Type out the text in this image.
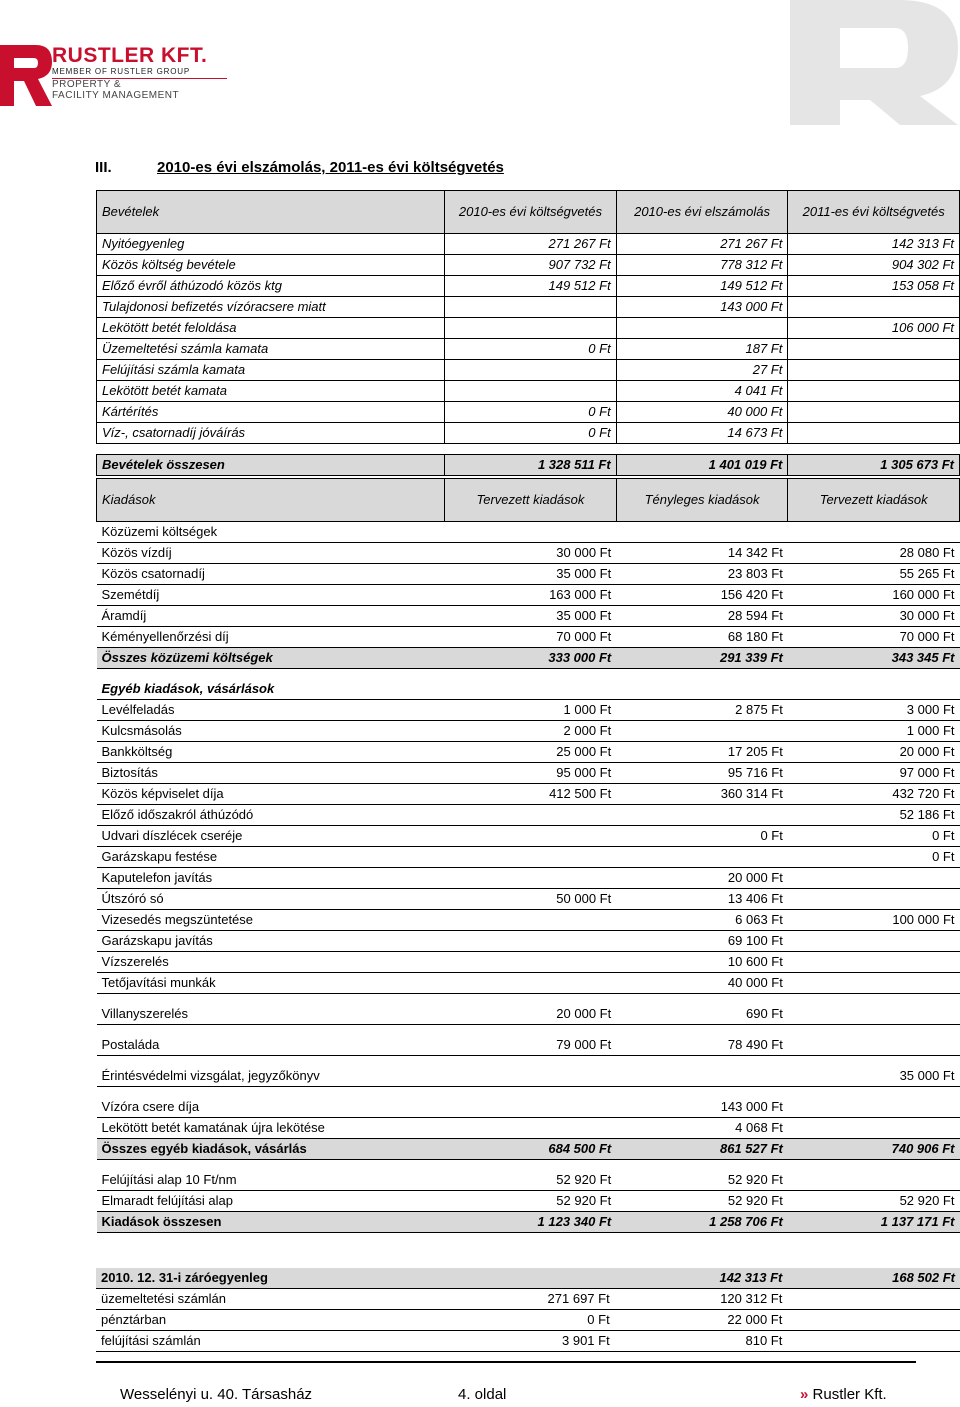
RUSTLER KFT.
MEMBER OF RUSTLER GROUP
PROPERTY &
FACILITY MANAGEMENT
III.	2010-es évi elszámolás, 2011-es évi költségvetés
Bevételek	2010-es évi költségvetés	2010-es évi elszámolás	2011-es évi költségvetés
Nyitóegyenleg	271 267 Ft	271 267 Ft	142 313 Ft
Közös költség bevétele	907 732 Ft	778 312 Ft	904 302 Ft
Előző évről áthúzodó közös ktg	149 512 Ft	149 512 Ft	153 058 Ft
Tulajdonosi befizetés vízóracsere miatt		143 000 Ft	
Lekötött betét feloldása			106 000 Ft
Üzemeltetési számla kamata	0 Ft	187 Ft	
Felújítási számla kamata		27 Ft	
Lekötött betét kamata		4 041 Ft	
Kártérítés	0 Ft	40 000 Ft	
Víz-, csatornadíj jóváírás	0 Ft	14 673 Ft	

Bevételek összesen	1 328 511 Ft	1 401 019 Ft	1 305 673 Ft
Kiadások	Tervezett kiadások	Tényleges kiadások	Tervezett kiadások
Közüzemi költségek			
Közös vízdíj	30 000 Ft	14 342 Ft	28 080 Ft
Közös csatornadíj	35 000 Ft	23 803 Ft	55 265 Ft
Szemétdíj	163 000 Ft	156 420 Ft	160 000 Ft
Áramdíj	35 000 Ft	28 594 Ft	30 000 Ft
Kéményellenőrzési díj	70 000 Ft	68 180 Ft	70 000 Ft
Összes közüzemi költségek	333 000 Ft	291 339 Ft	343 345 Ft

Egyéb kiadások, vásárlások			
Levélfeladás	1 000 Ft	2 875 Ft	3 000 Ft
Kulcsmásolás	2 000 Ft		1 000 Ft
Bankköltség	25 000 Ft	17 205 Ft	20 000 Ft
Biztosítás	95 000 Ft	95 716 Ft	97 000 Ft
Közös képviselet díja	412 500 Ft	360 314 Ft	432 720 Ft
Előző időszakról áthúzódó			52 186 Ft
Udvari díszlécek cseréje		0 Ft	0 Ft
Garázskapu festése			0 Ft
Kaputelefon javítás		20 000 Ft	
Útszóró só	50 000 Ft	13 406 Ft	
Vizesedés megszüntetése		6 063 Ft	100 000 Ft
Garázskapu javítás		69 100 Ft	
Vízszerelés		10 600 Ft	
Tetőjavítási munkák		40 000 Ft	

Villanyszerelés	20 000 Ft	690 Ft	

Postaláda	79 000 Ft	78 490 Ft	

Érintésvédelmi vizsgálat, jegyzőkönyv			35 000 Ft

Vízóra csere díja		143 000 Ft	
Lekötött betét kamatának újra lekötése		4 068 Ft	
Összes egyéb kiadások, vásárlás	684 500 Ft	861 527 Ft	740 906 Ft

Felújítási alap 10 Ft/nm	52 920 Ft	52 920 Ft	
Elmaradt felújítási alap	52 920 Ft	52 920 Ft	52 920 Ft
Kiadások összesen	1 123 340 Ft	1 258 706 Ft	1 137 171 Ft
2010. 12. 31-i záróegyenleg		142 313 Ft	168 502 Ft
üzemeltetési számlán	271 697 Ft	120 312 Ft	
pénztárban	0 Ft	22 000 Ft	
felújítási számlán	3 901 Ft	810 Ft	
Wesselényi u. 40. Társasház	4. oldal	» Rustler Kft.
